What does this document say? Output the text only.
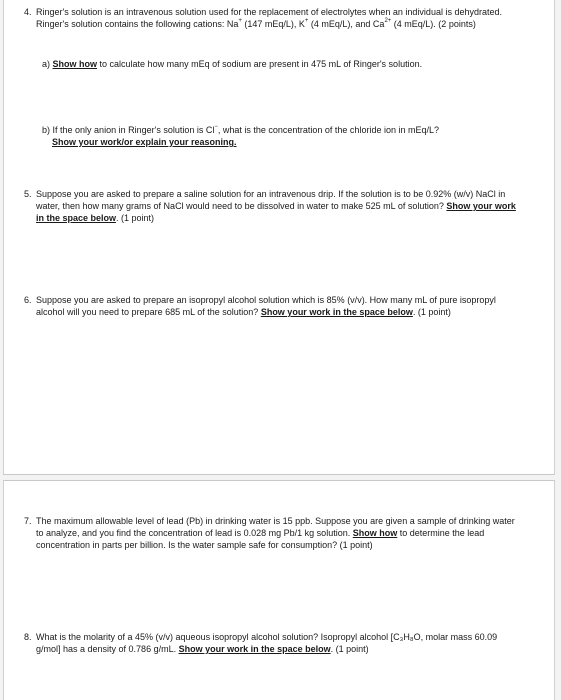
4. Ringer's solution is an intravenous solution used for the replacement of electrolytes when an individual is dehydrated. Ringer's solution contains the following cations: Na+ (147 mEq/L), K+ (4 mEq/L), and $Ca^{2+}$ (4 mEq/L). (2 points)
a) Show how to calculate how many mEq of sodium are present in 475 mL of Ringer's solution.
b) If the only anion in Ringer's solution is Cl−, what is the concentration of the chloride ion in mEq/L?
Show your work/or explain your reasoning.
5. Suppose you are asked to prepare a saline solution for an intravenous drip. If the solution is to be 0.92% (w/v) NaCl in water, then how many grams of NaCl would need to be dissolved in water to make 525 mL of solution? Show your work in the space below. (1 point)
6. Suppose you are asked to prepare an isopropyl alcohol solution which is 85% (v/v). How many mL of pure isopropyl alcohol will you need to prepare 685 mL of the solution? Show your work in the space below. (1 point)
7. The maximum allowable level of lead (Pb) in drinking water is 15 ppb. Suppose you are given a sample of drinking water to analyze, and you find the concentration of lead is 0.028 mg Pb/1 kg solution. Show how to determine the lead concentration in parts per billion. Is the water sample safe for consumption? (1 point)
8. What is the molarity of a 45% (v/v) aqueous isopropyl alcohol solution? Isopropyl alcohol [C₃H₈O, molar mass 60.09 g/mol] has a density of 0.786 g/mL. Show your work in the space below. (1 point)
